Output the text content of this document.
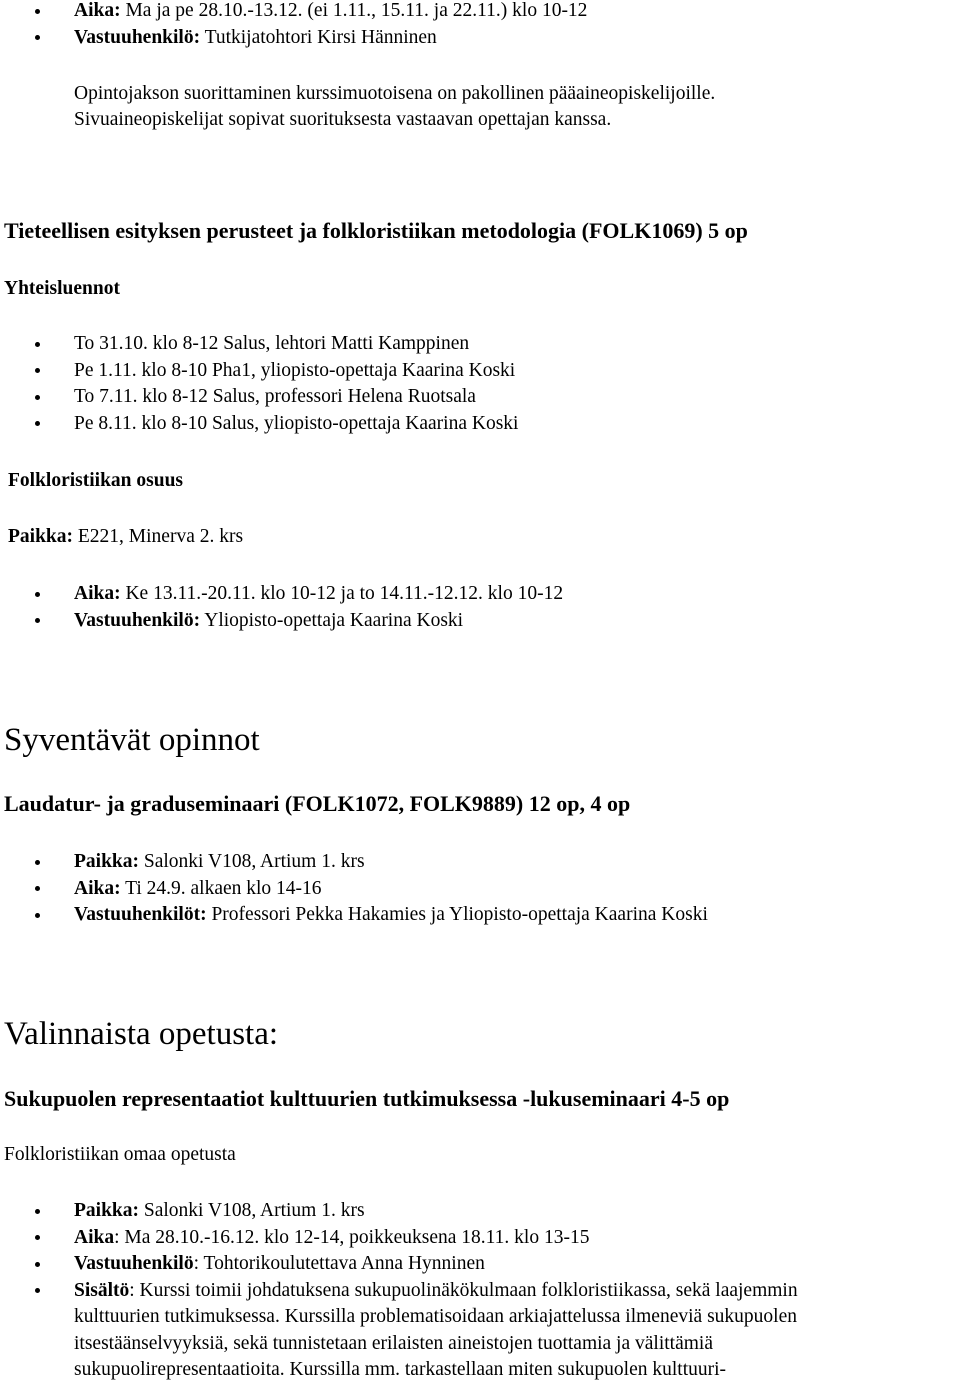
Aika: Ma ja pe 28.10.-13.12. (ei 1.11., 15.11. ja 22.11.) klo 10-12
Vastuuhenkilö: Tutkijatohtori Kirsi Hänninen

Opintojakson suorittaminen kurssimuotoisena on pakollinen pääaineopiskelijoille.

Sivuaineopiskelijat sopivat suorituksesta vastaavan opettajan kanssa.

Tieteellisen esityksen perusteet ja folkloristiikan metodologia (FOLK1069) 5 op

Yhteisluennot

To 31.10. klo 8-12 Salus, lehtori Matti Kamppinen
Pe 1.11. klo 8-10 Pha1, yliopisto-opettaja Kaarina Koski
To 7.11. klo 8-12 Salus, professori Helena Ruotsala
Pe 8.11. klo 8-10 Salus, yliopisto-opettaja Kaarina Koski

Folkloristiikan osuus

Paikka: E221, Minerva 2. krs

Aika: Ke 13.11.-20.11. klo 10-12 ja to 14.11.-12.12. klo 10-12
Vastuuhenkilö: Yliopisto-opettaja Kaarina Koski
Syventävät opinnot
Laudatur- ja graduseminaari (FOLK1072, FOLK9889) 12 op, 4 op
Paikka: Salonki V108, Artium 1. krs
Aika: Ti 24.9. alkaen klo 14-16
Vastuuhenkilöt: Professori Pekka Hakamies ja Yliopisto-opettaja Kaarina Koski
Valinnaista opetusta:
Sukupuolen representaatiot kulttuurien tutkimuksessa -lukuseminaari 4-5 op

Folkloristiikan omaa opetusta

Paikka: Salonki V108, Artium 1. krs
Aika: Ma 28.10.-16.12. klo 12-14, poikkeuksena 18.11. klo 13-15
Vastuuhenkilö: Tohtorikoulutettava Anna Hynninen
Sisältö: Kurssi toimii johdatuksena sukupuolinäkökulmaan folkloristiikassa, sekä laajemmin
kulttuurien tutkimuksessa. Kurssilla problematisoidaan arkiajattelussa ilmeneviä sukupuolen
itsestäänselvyyksiä, sekä tunnistetaan erilaisten aineistojen tuottamia ja välittämiä
sukupuolirepresentaatioita. Kurssilla mm. tarkastellaan miten sukupuolen kulttuuri-
